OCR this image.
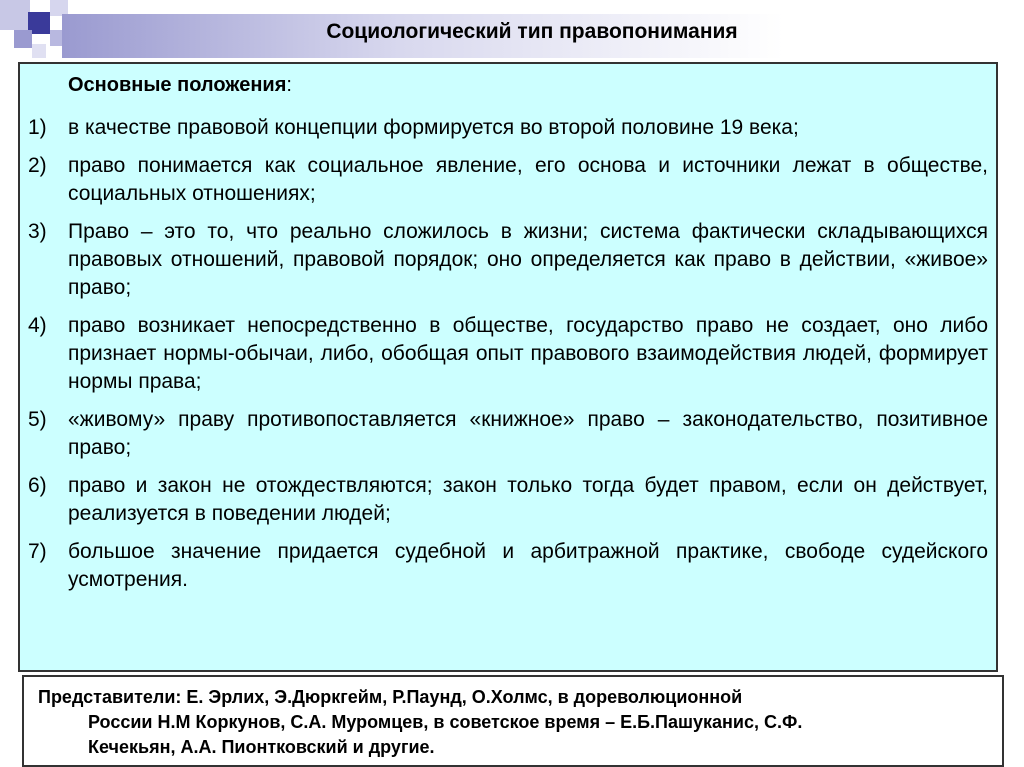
Социологический тип правопонимания
Основные положения:
1)	в качестве правовой концепции формируется во второй половине 19 века;
2)	право понимается как социальное явление, его основа и источники лежат в обществе, социальных отношениях;
3)	Право – это то, что реально сложилось в жизни; система фактически складывающихся правовых отношений, правовой порядок; оно определяется как право в действии, «живое» право;
4)	право возникает непосредственно в обществе, государство право не создает, оно либо признает нормы-обычаи, либо, обобщая опыт правового взаимодействия людей, формирует нормы права;
5)	«живому» праву противопоставляется «книжное» право – законодательство, позитивное право;
6)	право и закон не отождествляются; закон только тогда будет правом, если он действует, реализуется в поведении людей;
7)	большое значение придается судебной и арбитражной практике, свободе судейского усмотрения.
Представители: Е. Эрлих, Э.Дюркгейм, Р.Паунд, О.Холмс, в дореволюционной
России Н.М Коркунов, С.А. Муромцев, в советское время – Е.Б.Пашуканис, С.Ф.
Кечекьян, А.А. Пионтковский и другие.
